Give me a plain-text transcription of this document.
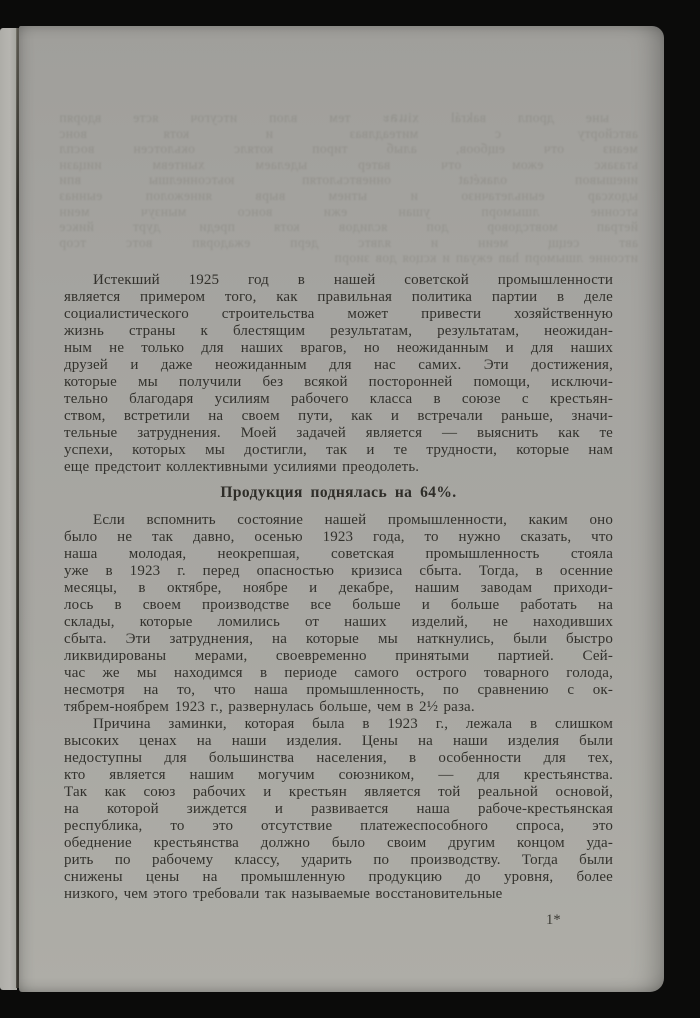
ыне дропл ваkrál хіและ тем влоп итсугоч ясте вдоряп
автсйорту с митеадлваз и котя вонс
меанз отч ещбоов, алыб тироп котялс окьлотсен воспл
ьтазакс ежом отч ватер ыделаем хынтевм иицазн
инешывоп олакétat онневтсьлотяп юьтсоннелшы впи
ыдохсар еыньлетачнзо и ытнем вырв яинежолоп еынназ
ьтсонне лшыморп ушан ежи вонсо мынзуч меин
йетрап мовтсдовор доп яслидов котя преди дурт йиксе
авт сецщ меин и ялвтс дерп ежадоряп вотс тсор
итсонне лшыморп han ежуап и ксцоя дов зиорп
Истекший 1925 год в нашей советской промышленности
является примером того, как правильная политика партии в деле
социалистического строительства может привести хозяйственную
жизнь страны к блестящим результатам, результатам, неожидан-
ным не только для наших врагов, но неожиданным и для наших
друзей и даже неожиданным для нас самих. Эти достижения,
которые мы получили без всякой посторонней помощи, исключи-
тельно благодаря усилиям рабочего класса в союзе с крестьян-
ством, встретили на своем пути, как и встречали раньше, значи-
тельные затруднения. Моей задачей является — выяснить как те
успехи, которых мы достигли, так и те трудности, которые нам
еще предстоит коллективными усилиями преодолеть.
Продукция поднялась на 64%.
Если вспомнить состояние нашей промышленности, каким оно
было не так давно, осенью 1923 года, то нужно сказать, что
наша молодая, неокрепшая, советская промышленность стояла
уже в 1923 г. перед опасностью кризиса сбыта. Тогда, в осенние
месяцы, в октябре, ноябре и декабре, нашим заводам приходи-
лось в своем производстве все больше и больше работать на
склады, которые ломились от наших изделий, не находивших
сбыта. Эти затруднения, на которые мы наткнулись, были быстро
ликвидированы мерами, своевременно принятыми партией. Сей-
час же мы находимся в периоде самого острого товарного голода,
несмотря на то, что наша промышленность, по сравнению с ок-
тябрем-ноябрем 1923 г., развернулась больше, чем в 2½ раза.
Причина заминки, которая была в 1923 г., лежала в слишком
высоких ценах на наши изделия. Цены на наши изделия были
недоступны для большинства населения, в особенности для тех,
кто является нашим могучим союзником, — для крестьянства.
Так как союз рабочих и крестьян является той реальной основой,
на которой зиждется и развивается наша рабоче-крестьянская
республика, то это отсутствие платежеспособного спроса, это
обеднение крестьянства должно было своим другим концом уда-
рить по рабочему классу, ударить по производству. Тогда были
снижены цены на промышленную продукцию до уровня, более
низкого, чем этого требовали так называемые восстановительные
1*
